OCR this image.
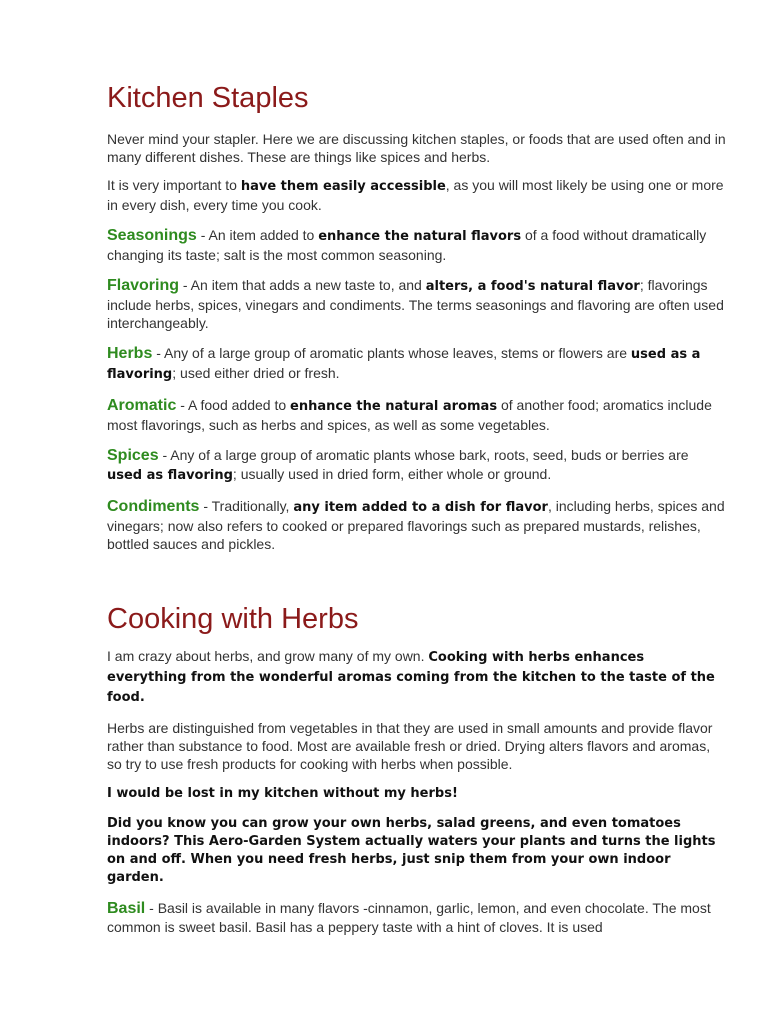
Kitchen Staples

Never mind your stapler. Here we are discussing kitchen staples, or foods that are used often and in many different dishes. These are things like spices and herbs.

It is very important to have them easily accessible, as you will most likely be using one or more in every dish, every time you cook.

Seasonings - An item added to enhance the natural flavors of a food without dramatically changing its taste; salt is the most common seasoning.

Flavoring - An item that adds a new taste to, and alters, a food's natural flavor; flavorings include herbs, spices, vinegars and condiments. The terms seasonings and flavoring are often used interchangeably.

Herbs - Any of a large group of aromatic plants whose leaves, stems or flowers are used as a flavoring; used either dried or fresh.

Aromatic - A food added to enhance the natural aromas of another food; aromatics include most flavorings, such as herbs and spices, as well as some vegetables.

Spices - Any of a large group of aromatic plants whose bark, roots, seed, buds or berries are used as flavoring; usually used in dried form, either whole or ground.

Condiments - Traditionally, any item added to a dish for flavor, including herbs, spices and vinegars; now also refers to cooked or prepared flavorings such as prepared mustards, relishes, bottled sauces and pickles.

Cooking with Herbs

I am crazy about herbs, and grow many of my own. Cooking with herbs enhances everything from the wonderful aromas coming from the kitchen to the taste of the food.

Herbs are distinguished from vegetables in that they are used in small amounts and provide flavor rather than substance to food. Most are available fresh or dried. Drying alters flavors and aromas, so try to use fresh products for cooking with herbs when possible.

I would be lost in my kitchen without my herbs!

Did you know you can grow your own herbs, salad greens, and even tomatoes indoors? This Aero-Garden System actually waters your plants and turns the lights on and off. When you need fresh herbs, just snip them from your own indoor garden.

Basil - Basil is available in many flavors -cinnamon, garlic, lemon, and even chocolate. The most common is sweet basil. Basil has a peppery taste with a hint of cloves. It is used
